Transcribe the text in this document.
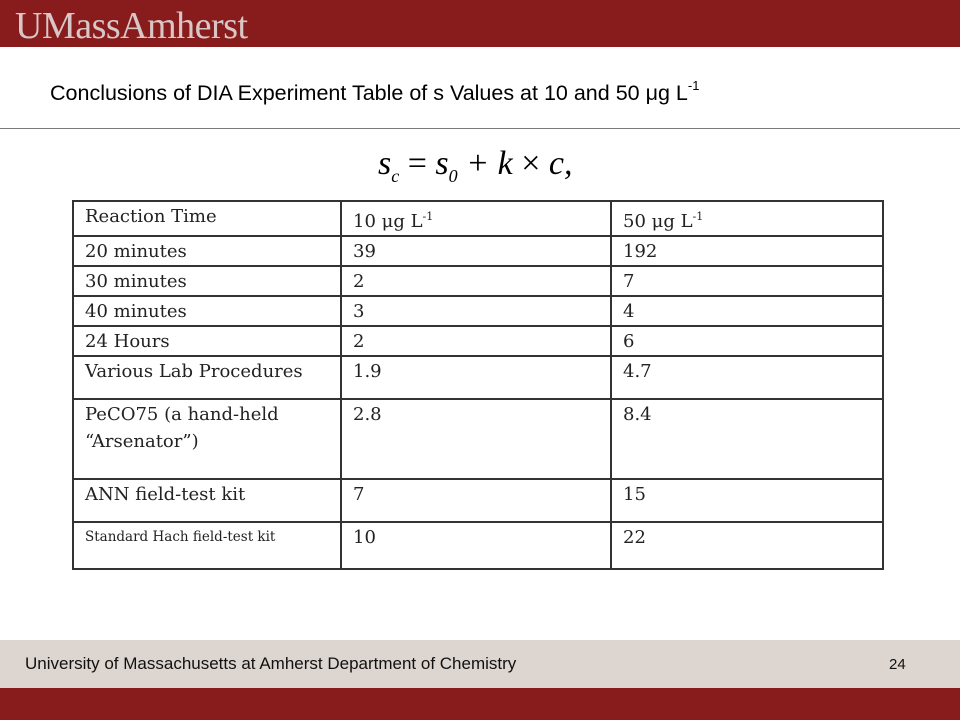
UMassAmherst
Conclusions of DIA Experiment Table of s Values at 10 and 50 μg $L^{-1}$
$s_c = s_0 + k \times c$,
Reaction Time	10 μg $L^{-1}$	50 μg $L^{-1}$
20 minutes	39	192
30 minutes	2	7
40 minutes	3	4
24 Hours	2	6
Various Lab Procedures	1.9	4.7
PeCO75 (a hand-held “Arsenator”)	2.8	8.4
ANN field-test kit	7	15
Standard Hach field-test kit	10	22
University of Massachusetts at Amherst Department of Chemistry	24
